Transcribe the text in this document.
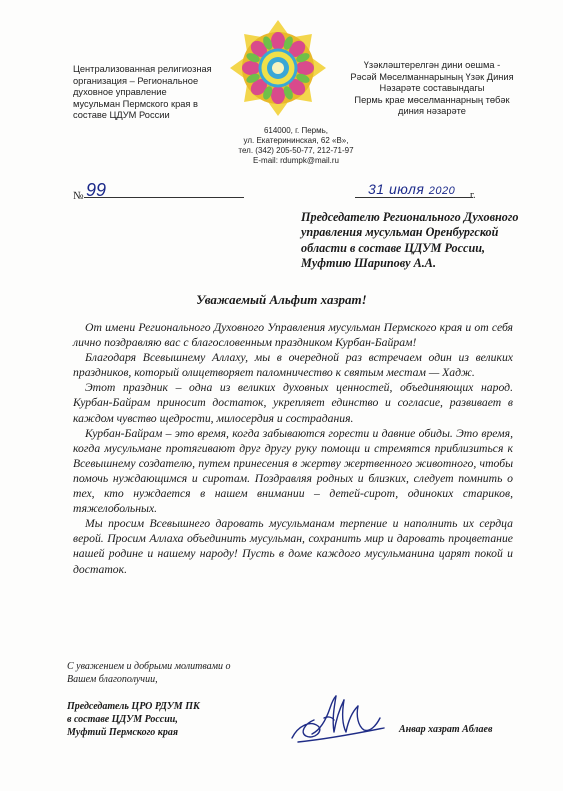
Централизованная религиозная
организация – Региональное
духовное управление
мусульман Пермского края в
составе ЦДУМ России
Үзәкләштерелгән дини оешма -
Рәсәй Мөселманнарының Үзәк Диния
Нәзарәте составындагы
Пермь крае мөселманнарның төбәк
диния нәзарәте
614000, г. Пермь,
ул. Екатерининская, 62 «В»,
тел. (342) 205-50-77, 212-71-97
E-mail: rdumpk@mail.ru
№ 99	31 июля 2020 г.
Председателю Регионального Духовного
управления мусульман Оренбургской
области в составе ЦДУМ России,
Муфтию Шарипову А.А.
Уважаемый Альфит хазрат!

От имени Регионального Духовного Управления мусульман Пермского края и от себя лично поздравляю вас с благословенным праздником Курбан-Байрам!

Благодаря Всевышнему Аллаху, мы в очередной раз встречаем один из великих праздников, который олицетворяет паломничество к святым местам — Хадж.

Этот праздник – одна из великих духовных ценностей, объединяющих народ. Курбан-Байрам приносит достаток, укрепляет единство и согласие, развивает в каждом чувство щедрости, милосердия и сострадания.

Курбан-Байрам – это время, когда забываются горести и давние обиды. Это время, когда мусульмане протягивают друг другу руку помощи и стремятся приблизиться к Всевышнему создателю, путем принесения в жертву жертвенного животного, чтобы помочь нуждающимся и сиротам. Поздравляя родных и близких, следует помнить о тех, кто нуждается в нашем внимании – детей-сирот, одиноких стариков, тяжелобольных.

Мы просим Всевышнего даровать мусульманам терпение и наполнить их сердца верой. Просим Аллаха объединить мусульман, сохранить мир и даровать процветание нашей родине и нашему народу! Пусть в доме каждого мусульманина царят покой и достаток.

С уважением и добрыми молитвами о
Вашем благополучии,
Председатель ЦРО РДУМ ПК
в составе ЦДУМ России,
Муфтий Пермского края	Анвар хазрат Аблаев
